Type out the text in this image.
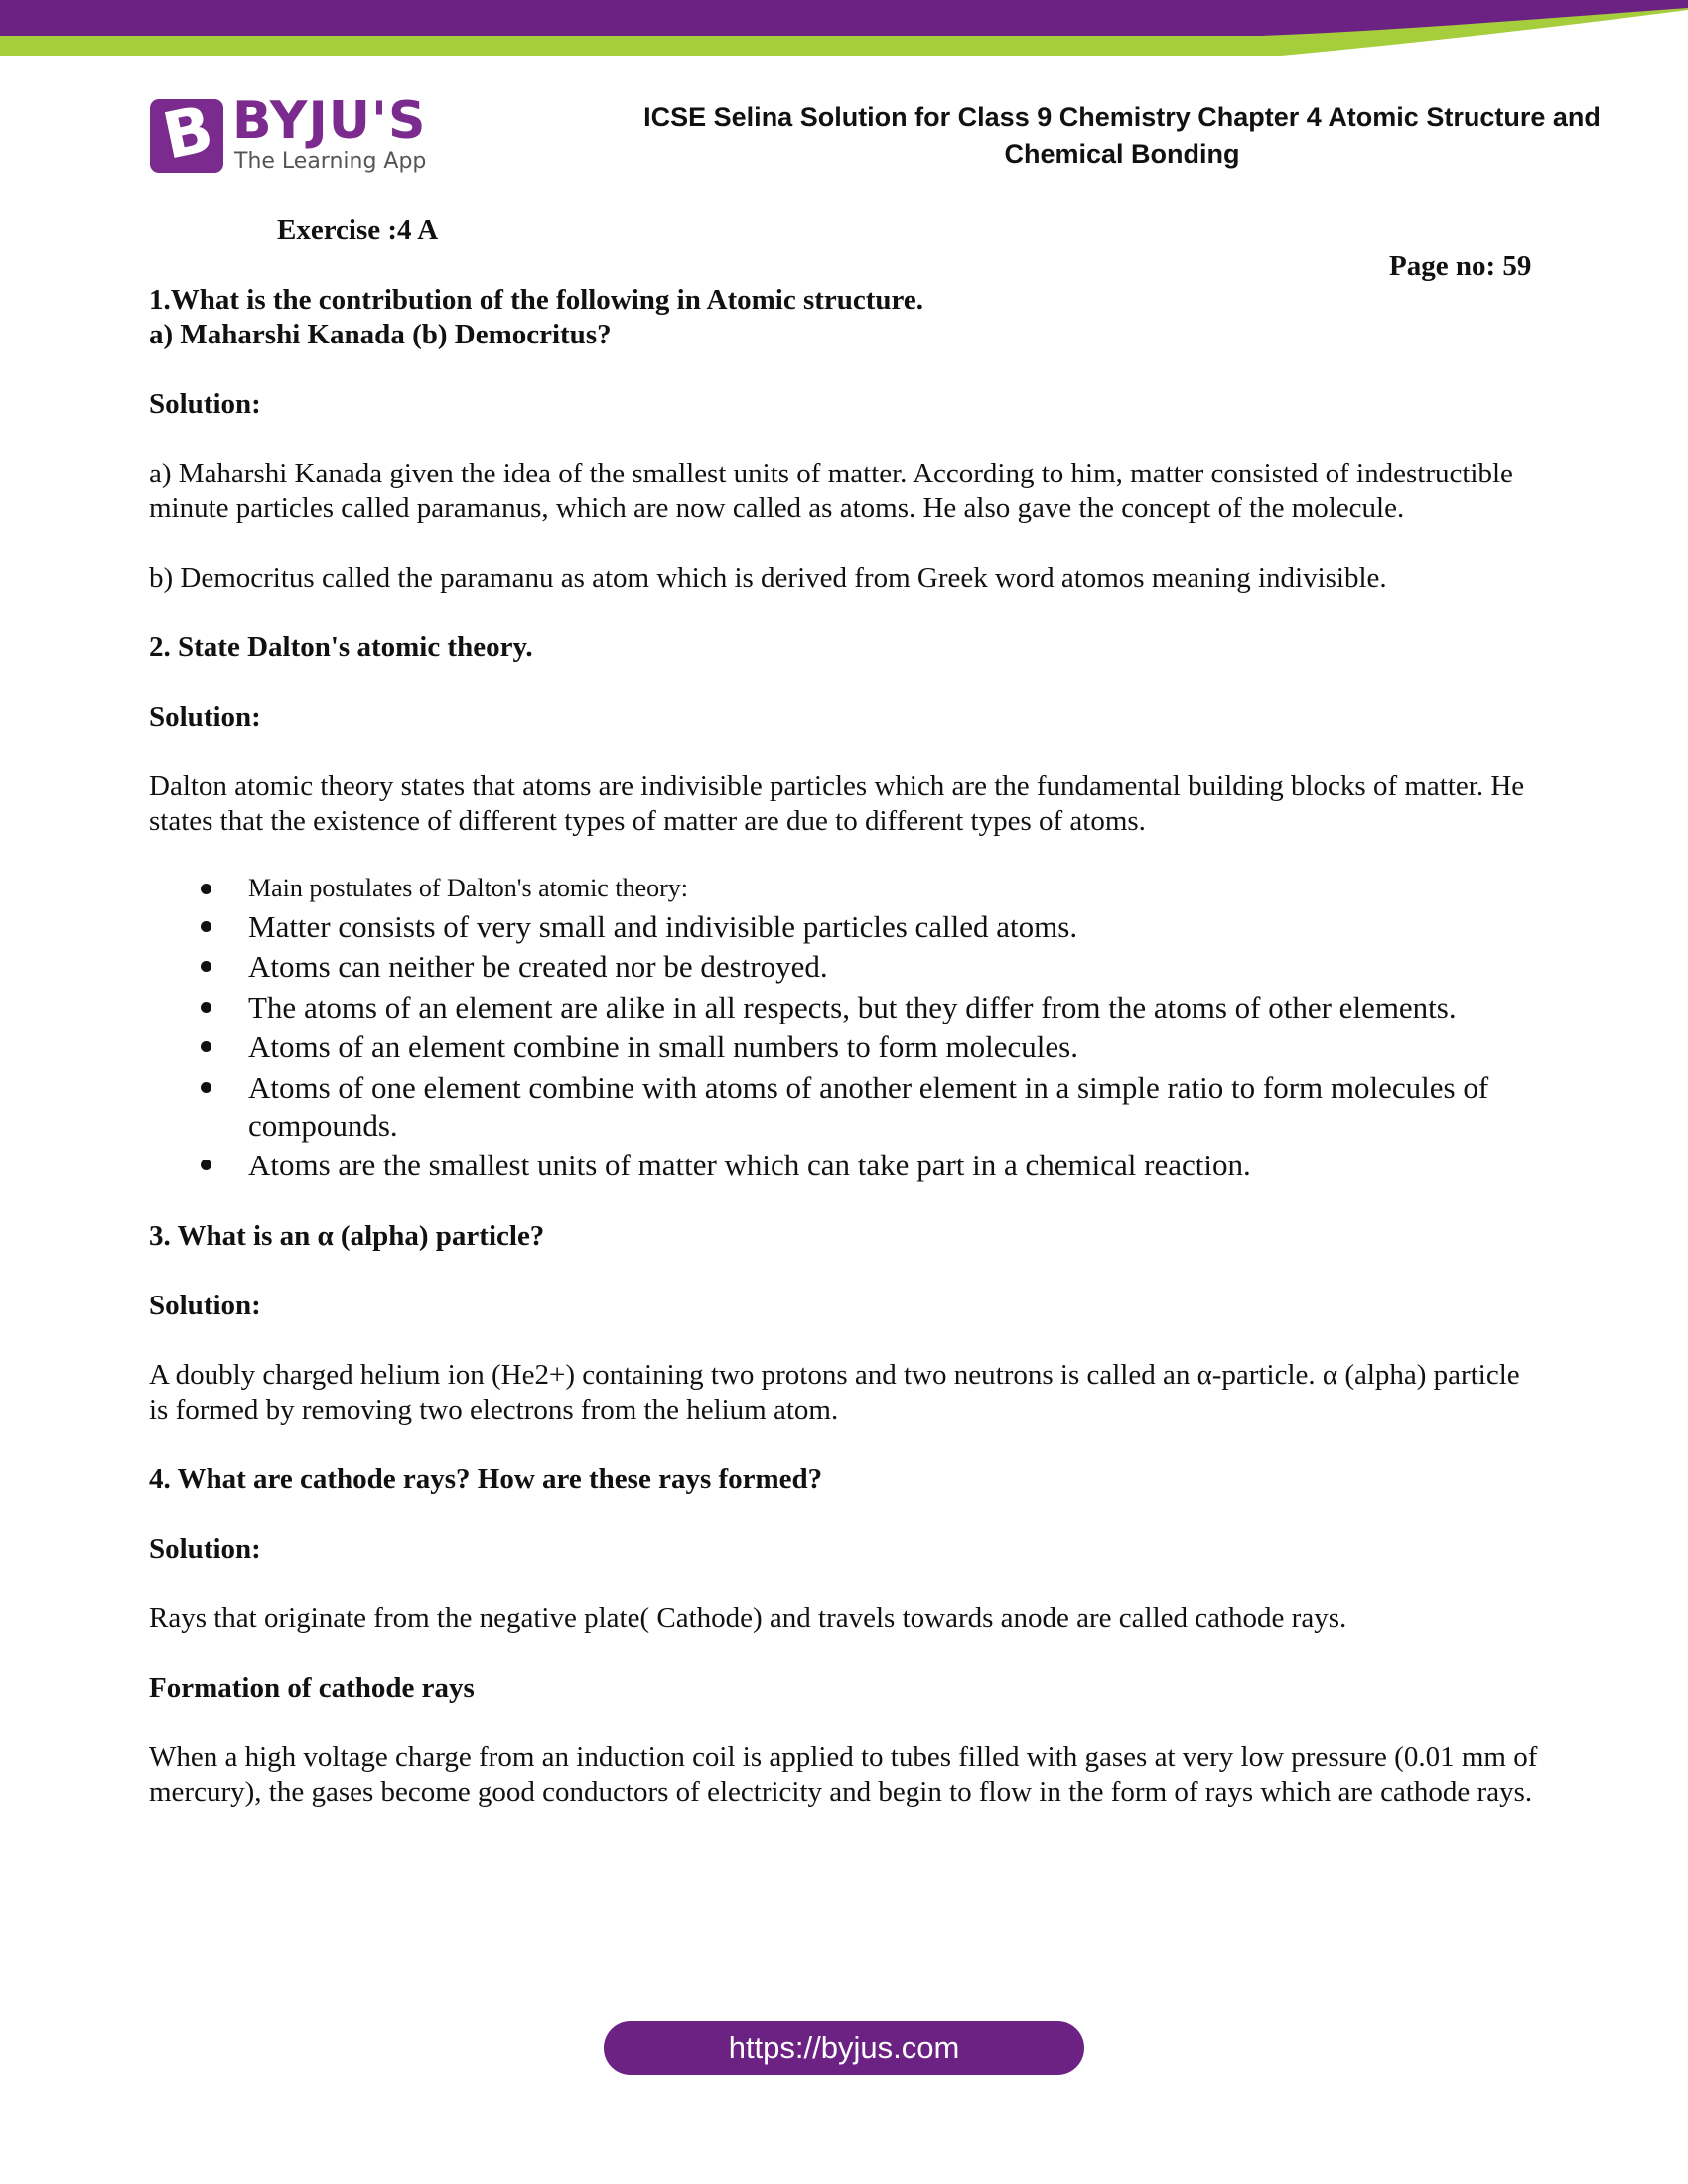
B BYJU'S
The Learning App
ICSE Selina Solution for Class 9 Chemistry Chapter 4 Atomic Structure and Chemical Bonding
Exercise :4 A
Page no: 59

1.What is the contribution of the following in Atomic structure.

a) Maharshi Kanada (b) Democritus?

Solution:

a) Maharshi Kanada given the idea of the smallest units of matter. According to him, matter consisted of indestructible minute particles called paramanus, which are now called as atoms. He also gave the concept of the molecule.

b) Democritus called the paramanu as atom which is derived from Greek word atomos meaning indivisible.

2. State Dalton's atomic theory.

Solution:

Dalton atomic theory states that atoms are indivisible particles which are the fundamental building blocks of matter. He states that the existence of different types of matter are due to different types of atoms.

Main postulates of Dalton's atomic theory:
Matter consists of very small and indivisible particles called atoms.
Atoms can neither be created nor be destroyed.
The atoms of an element are alike in all respects, but they differ from the atoms of other elements.
Atoms of an element combine in small numbers to form molecules.
Atoms of one element combine with atoms of another element in a simple ratio to form molecules of compounds.
Atoms are the smallest units of matter which can take part in a chemical reaction.

3. What is an α (alpha) particle?

Solution:

A doubly charged helium ion (He2+) containing two protons and two neutrons is called an α-particle. α (alpha) particle is formed by removing two electrons from the helium atom.

4. What are cathode rays? How are these rays formed?

Solution:

Rays that originate from the negative plate( Cathode) and travels towards anode are called cathode rays.

Formation of cathode rays

When a high voltage charge from an induction coil is applied to tubes filled with gases at very low pressure (0.01 mm of mercury), the gases become good conductors of electricity and begin to flow in the form of rays which are cathode rays.

https://byjus.com
